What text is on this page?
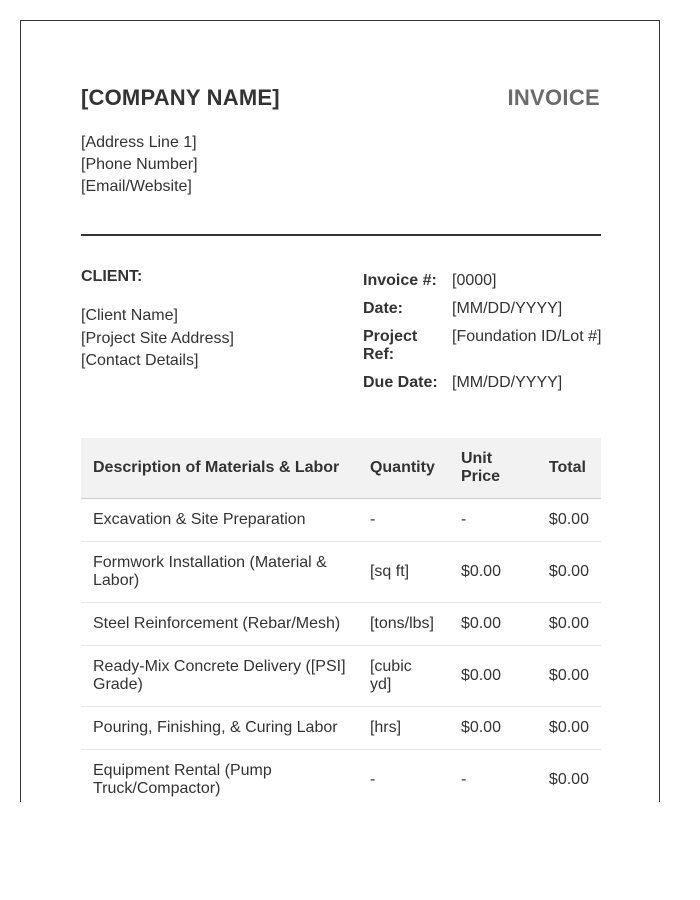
[COMPANY NAME]	INVOICE
[Address Line 1]
[Phone Number]
[Email/Website]
CLIENT:
[Client Name]
[Project Site Address]
[Contact Details]
Invoice #: [0000]
Date:	[MM/DD/YYYY]
Project Ref:
[Foundation ID/Lot #]
Due Date: [MM/DD/YYYY]
Description of Materials & Labor	Quantity	Unit Price	Total
Excavation & Site Preparation	-	-	$0.00
Formwork Installation (Material & Labor)	[sq ft]	$0.00	$0.00
Steel Reinforcement (Rebar/Mesh)	[tons/lbs]	$0.00	$0.00
Ready-Mix Concrete Delivery ([PSI] Grade)	[cubic yd]	$0.00	$0.00
Pouring, Finishing, & Curing Labor	[hrs]	$0.00	$0.00
Equipment Rental (Pump Truck/Compactor)	-	-	$0.00
